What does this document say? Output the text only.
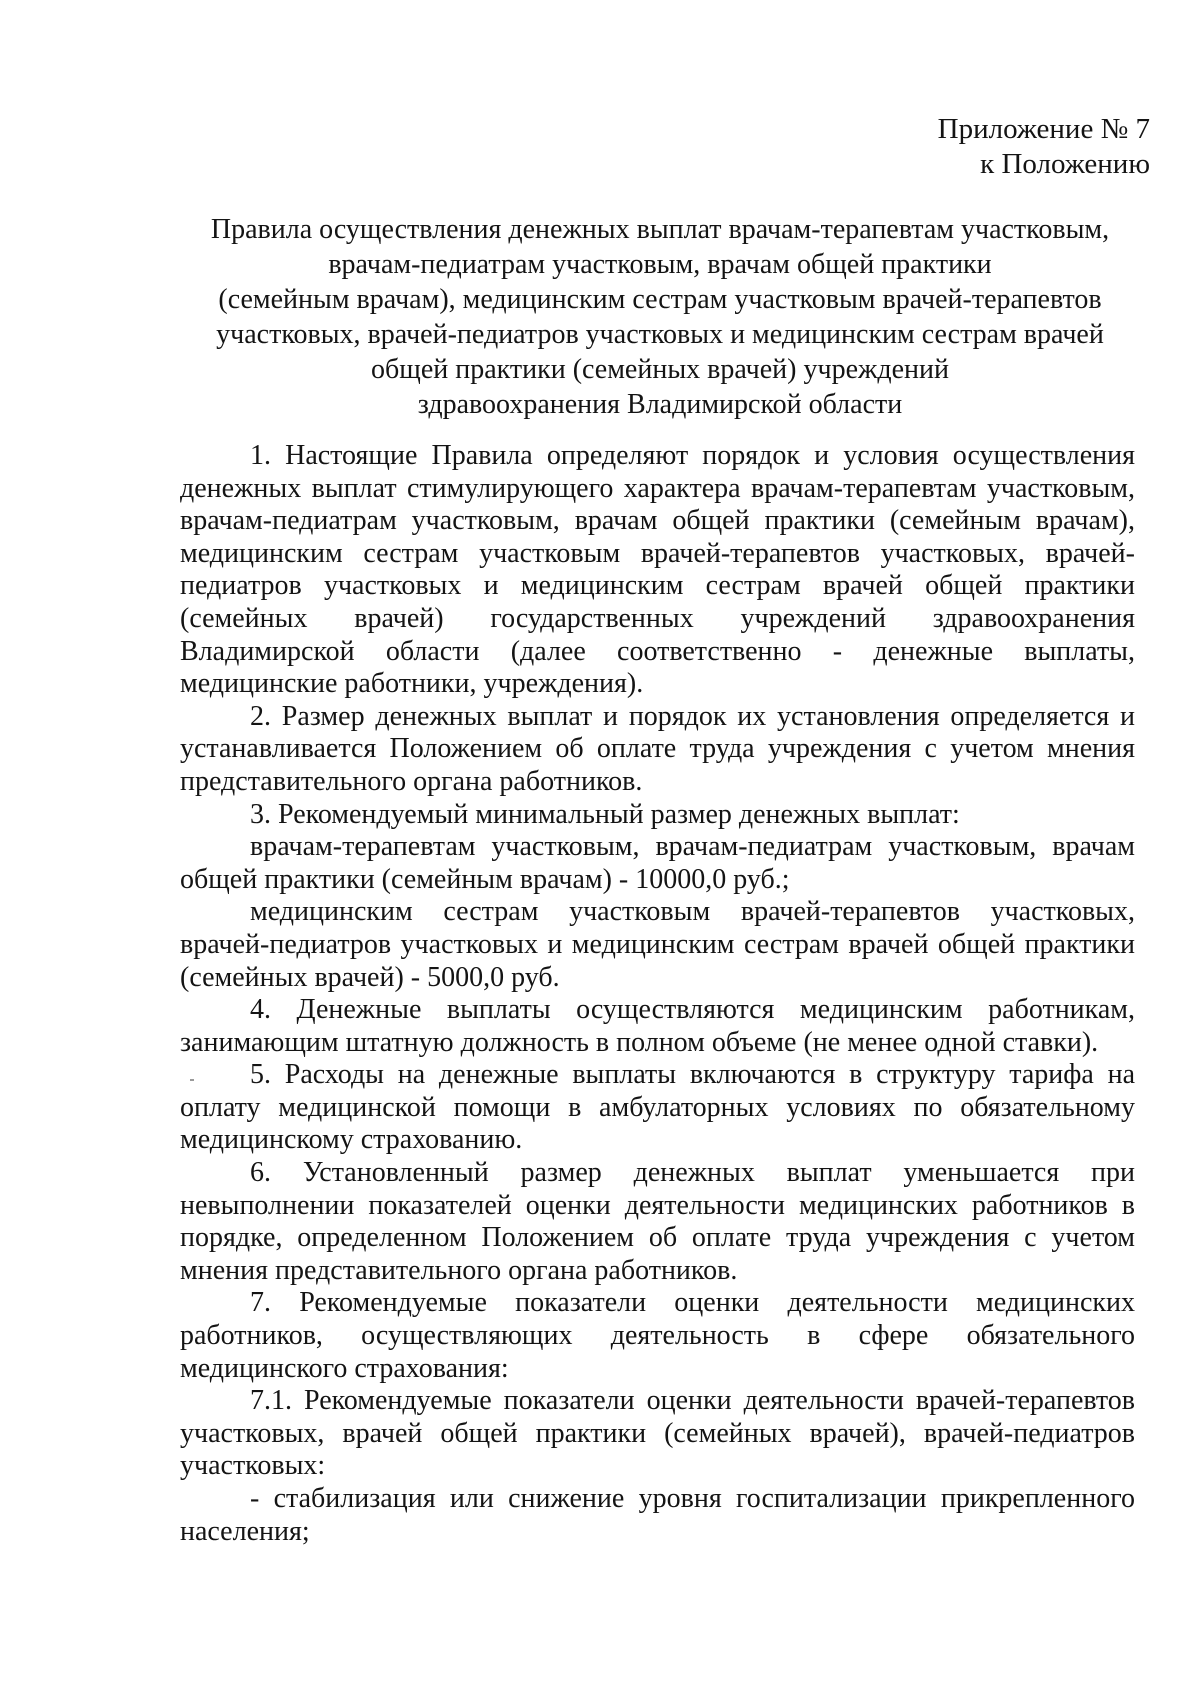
Приложение № 7
к Положению
Правила осуществления денежных выплат врачам-терапевтам участковым,
врачам-педиатрам участковым, врачам общей практики
(семейным врачам), медицинским сестрам участковым врачей-терапевтов
участковых, врачей-педиатров участковых и медицинским сестрам врачей
общей практики (семейных врачей) учреждений
здравоохранения Владимирской области

1. Настоящие Правила определяют порядок и условия осуществления денежных выплат стимулирующего характера врачам-терапевтам участковым, врачам-педиатрам участковым, врачам общей практики (семейным врачам), медицинским сестрам участковым врачей-терапевтов участковых, врачей-педиатров участковых и медицинским сестрам врачей общей практики (семейных врачей) государственных учреждений здравоохранения Владимирской области (далее соответственно - денежные выплаты, медицинские работники, учреждения).

2. Размер денежных выплат и порядок их установления определяется и устанавливается Положением об оплате труда учреждения с учетом мнения представительного органа работников.

3. Рекомендуемый минимальный размер денежных выплат:

врачам-терапевтам участковым, врачам-педиатрам участковым, врачам общей практики (семейным врачам) - 10000,0 руб.;

медицинским сестрам участковым врачей-терапевтов участковых, врачей-педиатров участковых и медицинским сестрам врачей общей практики (семейных врачей) - 5000,0 руб.

4. Денежные выплаты осуществляются медицинским работникам, занимающим штатную должность в полном объеме (не менее одной ставки).

5. Расходы на денежные выплаты включаются в структуру тарифа на оплату медицинской помощи в амбулаторных условиях по обязательному медицинскому страхованию.

6. Установленный размер денежных выплат уменьшается при невыполнении показателей оценки деятельности медицинских работников в порядке, определенном Положением об оплате труда учреждения с учетом мнения представительного органа работников.

7. Рекомендуемые показатели оценки деятельности медицинских работников, осуществляющих деятельность в сфере обязательного медицинского страхования:

7.1. Рекомендуемые показатели оценки деятельности врачей-терапевтов участковых, врачей общей практики (семейных врачей), врачей-педиатров участковых:

- стабилизация или снижение уровня госпитализации прикрепленного населения;
